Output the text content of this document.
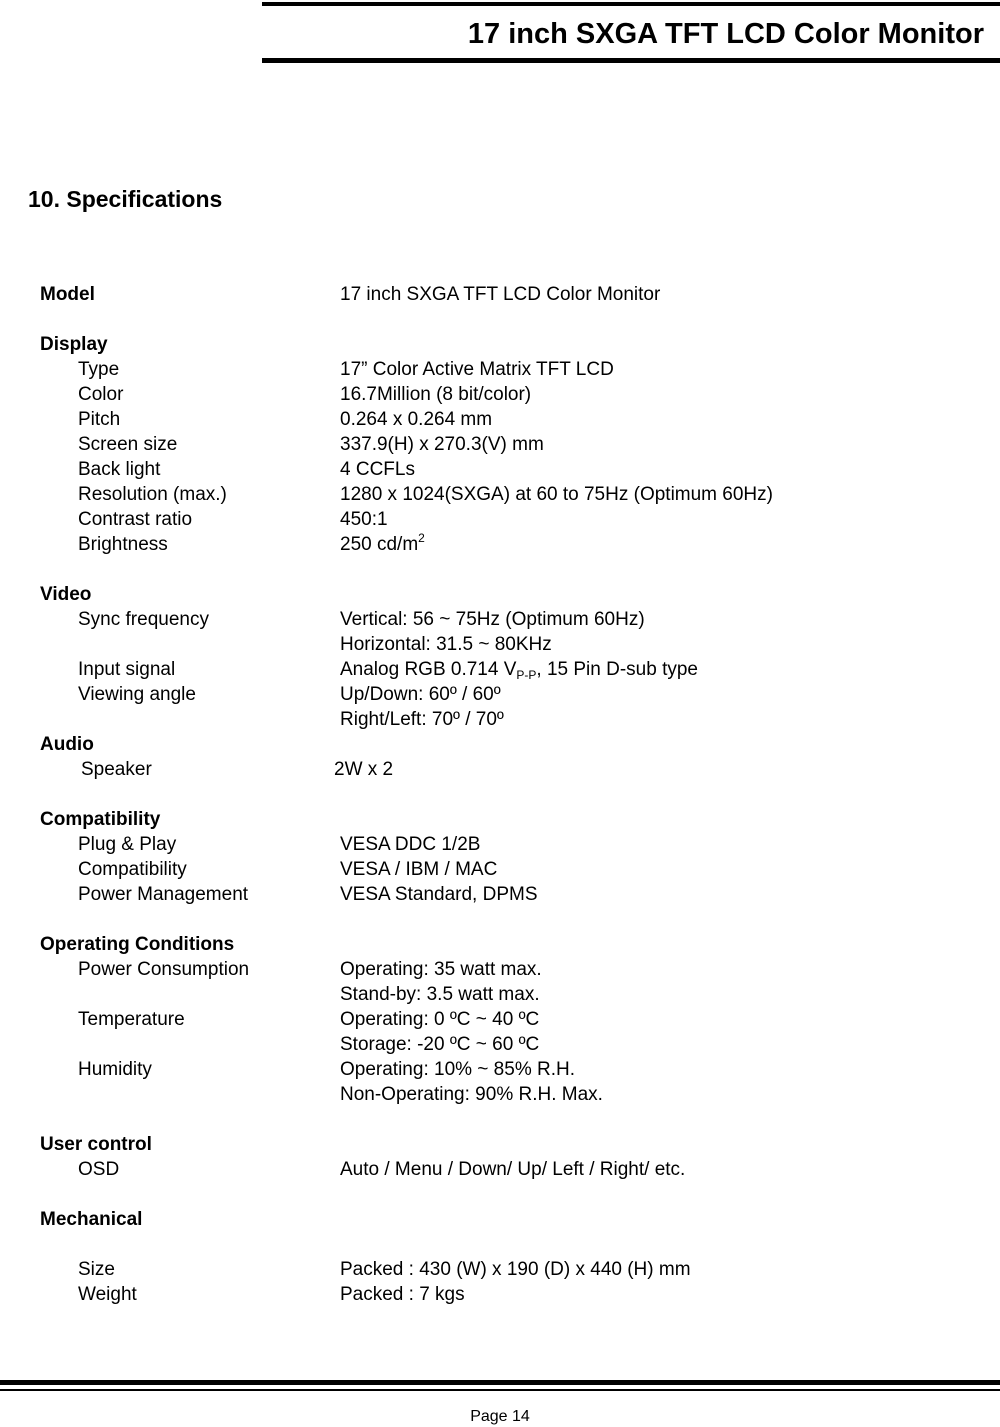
17 inch SXGA TFT LCD Color Monitor
10. Specifications
Model	17 inch SXGA TFT LCD Color Monitor
Display
Type	17” Color Active Matrix TFT LCD
Color	16.7Million (8 bit/color)
Pitch	0.264 x 0.264 mm
Screen size	337.9(H) x 270.3(V) mm
Back light	4 CCFLs
Resolution (max.)	1280 x 1024(SXGA) at 60 to 75Hz (Optimum 60Hz)
Contrast ratio	450:1
Brightness	250 $cd/m^2$
Video
Sync frequency	Vertical: 56 ~ 75Hz (Optimum 60Hz)
Horizontal: 31.5 ~ 80KHz
Input signal	Analog RGB 0.714 $V_{P-P}$, 15 Pin D-sub type
Viewing angle	Up/Down: 60º / 60º
Right/Left: 70º / 70º
Audio
Speaker	2W x 2
Compatibility
Plug & Play	VESA DDC 1/2B
Compatibility	VESA / IBM / MAC
Power Management	VESA Standard, DPMS
Operating Conditions
Power Consumption	Operating: 35 watt max.
Stand-by: 3.5 watt max.
Temperature	Operating: 0 ºC ~ 40 ºC
Storage: -20 ºC ~ 60 ºC
Humidity	Operating: 10% ~ 85% R.H.
Non-Operating: 90% R.H. Max.
User control
OSD	Auto / Menu / Down/ Up/ Left / Right/ etc.
Mechanical
Size	Packed : 430 (W) x 190 (D) x 440 (H) mm
Weight	Packed : 7 kgs
Page 14
